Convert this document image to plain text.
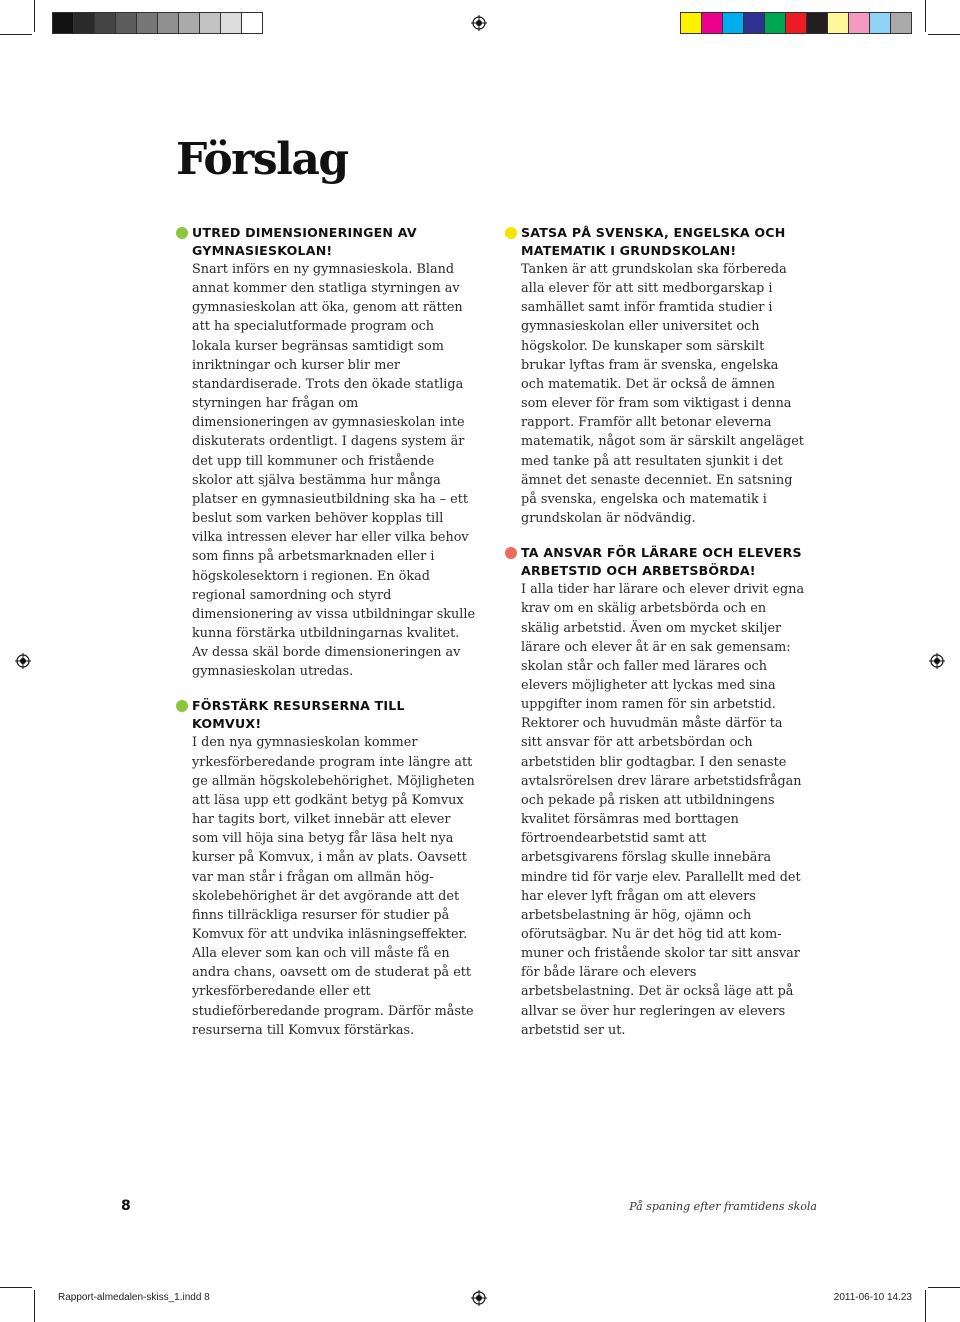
Förslag
UTRED DIMENSIONERINGEN AV GYMNASIESKOLAN!
Snart införs en ny gymnasieskola. Bland annat kommer den statliga styrningen av gymnasieskolan att öka, genom att rätten att ha specialutformade program och lokala kurser begränsas samtidigt som inriktningar och kurser blir mer standardiserade. Trots den ökade statliga styrningen har frågan om dimensioneringen av gymnasieskolan inte diskuterats ordentligt. I dagens system är det upp till kommuner och fristående skolor att själva bestämma hur många platser en gymnasieutbildning ska ha – ett beslut som varken behöver kopplas till vilka intressen elever har eller vilka behov som finns på arbetsmarknaden eller i högskolesektorn i regionen. En ökad regional samordning och styrd dimensionering av vissa utbildningar skulle kunna förstärka utbildningarnas kvalitet. Av dessa skäl borde dimensioneringen av gymnasieskolan utredas.
FÖRSTÄRK RESURSERNA TILL KOMVUX!
I den nya gymnasieskolan kommer yrkesförberedande program inte längre att ge allmän högskolebehörighet. Möjligheten att läsa upp ett godkänt betyg på Komvux har tagits bort, vilket innebär att elever som vill höja sina betyg får läsa helt nya kurser på Komvux, i mån av plats. Oavsett var man står i frågan om allmän högskolebehörighet är det avgörande att det finns tillräckliga resurser för studier på Komvux för att undvika inläsningseffekter. Alla elever som kan och vill måste få en andra chans, oavsett om de studerat på ett yrkesförberedande eller ett studieförberedande program. Därför måste resurserna till Komvux förstärkas.
SATSA PÅ SVENSKA, ENGELSKA OCH MATEMATIK I GRUNDSKOLAN!
Tanken är att grundskolan ska förbereda alla elever för att sitt medborgarskap i samhället samt inför framtida studier i gymnasieskolan eller universitet och högskolor. De kunskaper som särskilt brukar lyftas fram är svenska, engelska och matematik. Det är också de ämnen som elever för fram som viktigast i denna rapport. Framför allt betonar eleverna matematik, något som är särskilt angeläget med tanke på att resultaten sjunkit i det ämnet det senaste decenniet. En satsning på svenska, engelska och matematik i grundskolan är nödvändig.
TA ANSVAR FÖR LÄRARE OCH ELEVERS ARBETSTID OCH ARBETSBÖRDA!
I alla tider har lärare och elever drivit egna krav om en skälig arbetsbörda och en skälig arbetstid. Även om mycket skiljer lärare och elever åt är en sak gemensam: skolan står och faller med lärares och elevers möjligheter att lyckas med sina uppgifter inom ramen för sin arbetstid. Rektorer och huvudmän måste därför ta sitt ansvar för att arbetsbördan och arbetstiden blir godtagbar. I den senaste avtalsrörelsen drev lärare arbetstidsfrågan och pekade på risken att utbildningens kvalitet försämras med borttagen förtroendearbetstid samt att arbetsgivarens förslag skulle innebära mindre tid för varje elev. Parallellt med det har elever lyft frågan om att elevers arbetsbelastning är hög, ojämn och oförutsägbar. Nu är det hög tid att kommuner och fristående skolor tar sitt ansvar för både lärare och elevers arbetsbelastning. Det är också läge att på allvar se över hur regleringen av elevers arbetstid ser ut.
8	På spaning efter framtidens skola
Rapport-almedalen-skiss_1.indd 8	2011-06-10 14.23
